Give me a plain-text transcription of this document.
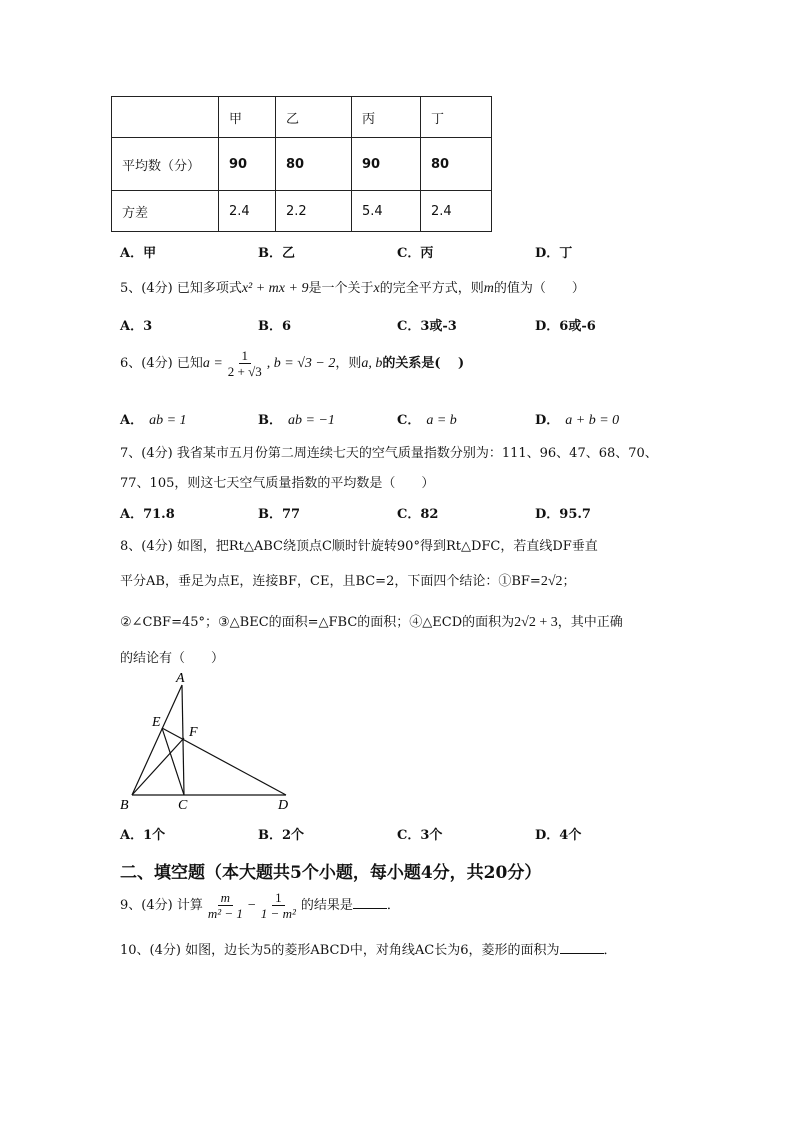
	甲	乙	丙	丁
平均数（分）	90	80	90	80
方差	2.4	2.2	5.4	2.4
A．甲	B．乙	C．丙	D．丁
5、(4分) 已知多项式x² + mx + 9是一个关于x的完全平方式，则m的值为（　　）
A．3	B．6	C．3或-3	D．6或-6
6、(4分) 已知$a = \frac{1}{2 + √3}$ , b = √3 − 2，则a, b的关系是(　 )
A． ab = 1	B． ab = −1	C． a = b	D． a + b = 0
7、(4分) 我省某市五月份第二周连续七天的空气质量指数分别为：111、96、47、68、70、
77、105，则这七天空气质量指数的平均数是（　　）
A．71.8	B．77	C．82	D．95.7
8、(4分) 如图，把Rt△ABC绕顶点C顺时针旋转90°得到Rt△DFC，若直线DF垂直
平分AB，垂足为点E，连接BF，CE，且BC=2，下面四个结论：①BF=2√2；
②∠CBF=45°；③△BEC的面积=△FBC的面积；④△ECD的面积为2√2 + 3，其中正确
的结论有（　　）
A
E
F
B	C	D
A．1个	B．2个	C．3个	D．4个
二、填空题（本大题共5个小题，每小题4分，共20分）
9、(4分) 计算 $\frac{m}{\text{m² − 1}} - \frac{1}{\text{1 − m²}}$ 的结果是	．
10、(4分) 如图，边长为5的菱形ABCD中，对角线AC长为6，菱形的面积为	．
